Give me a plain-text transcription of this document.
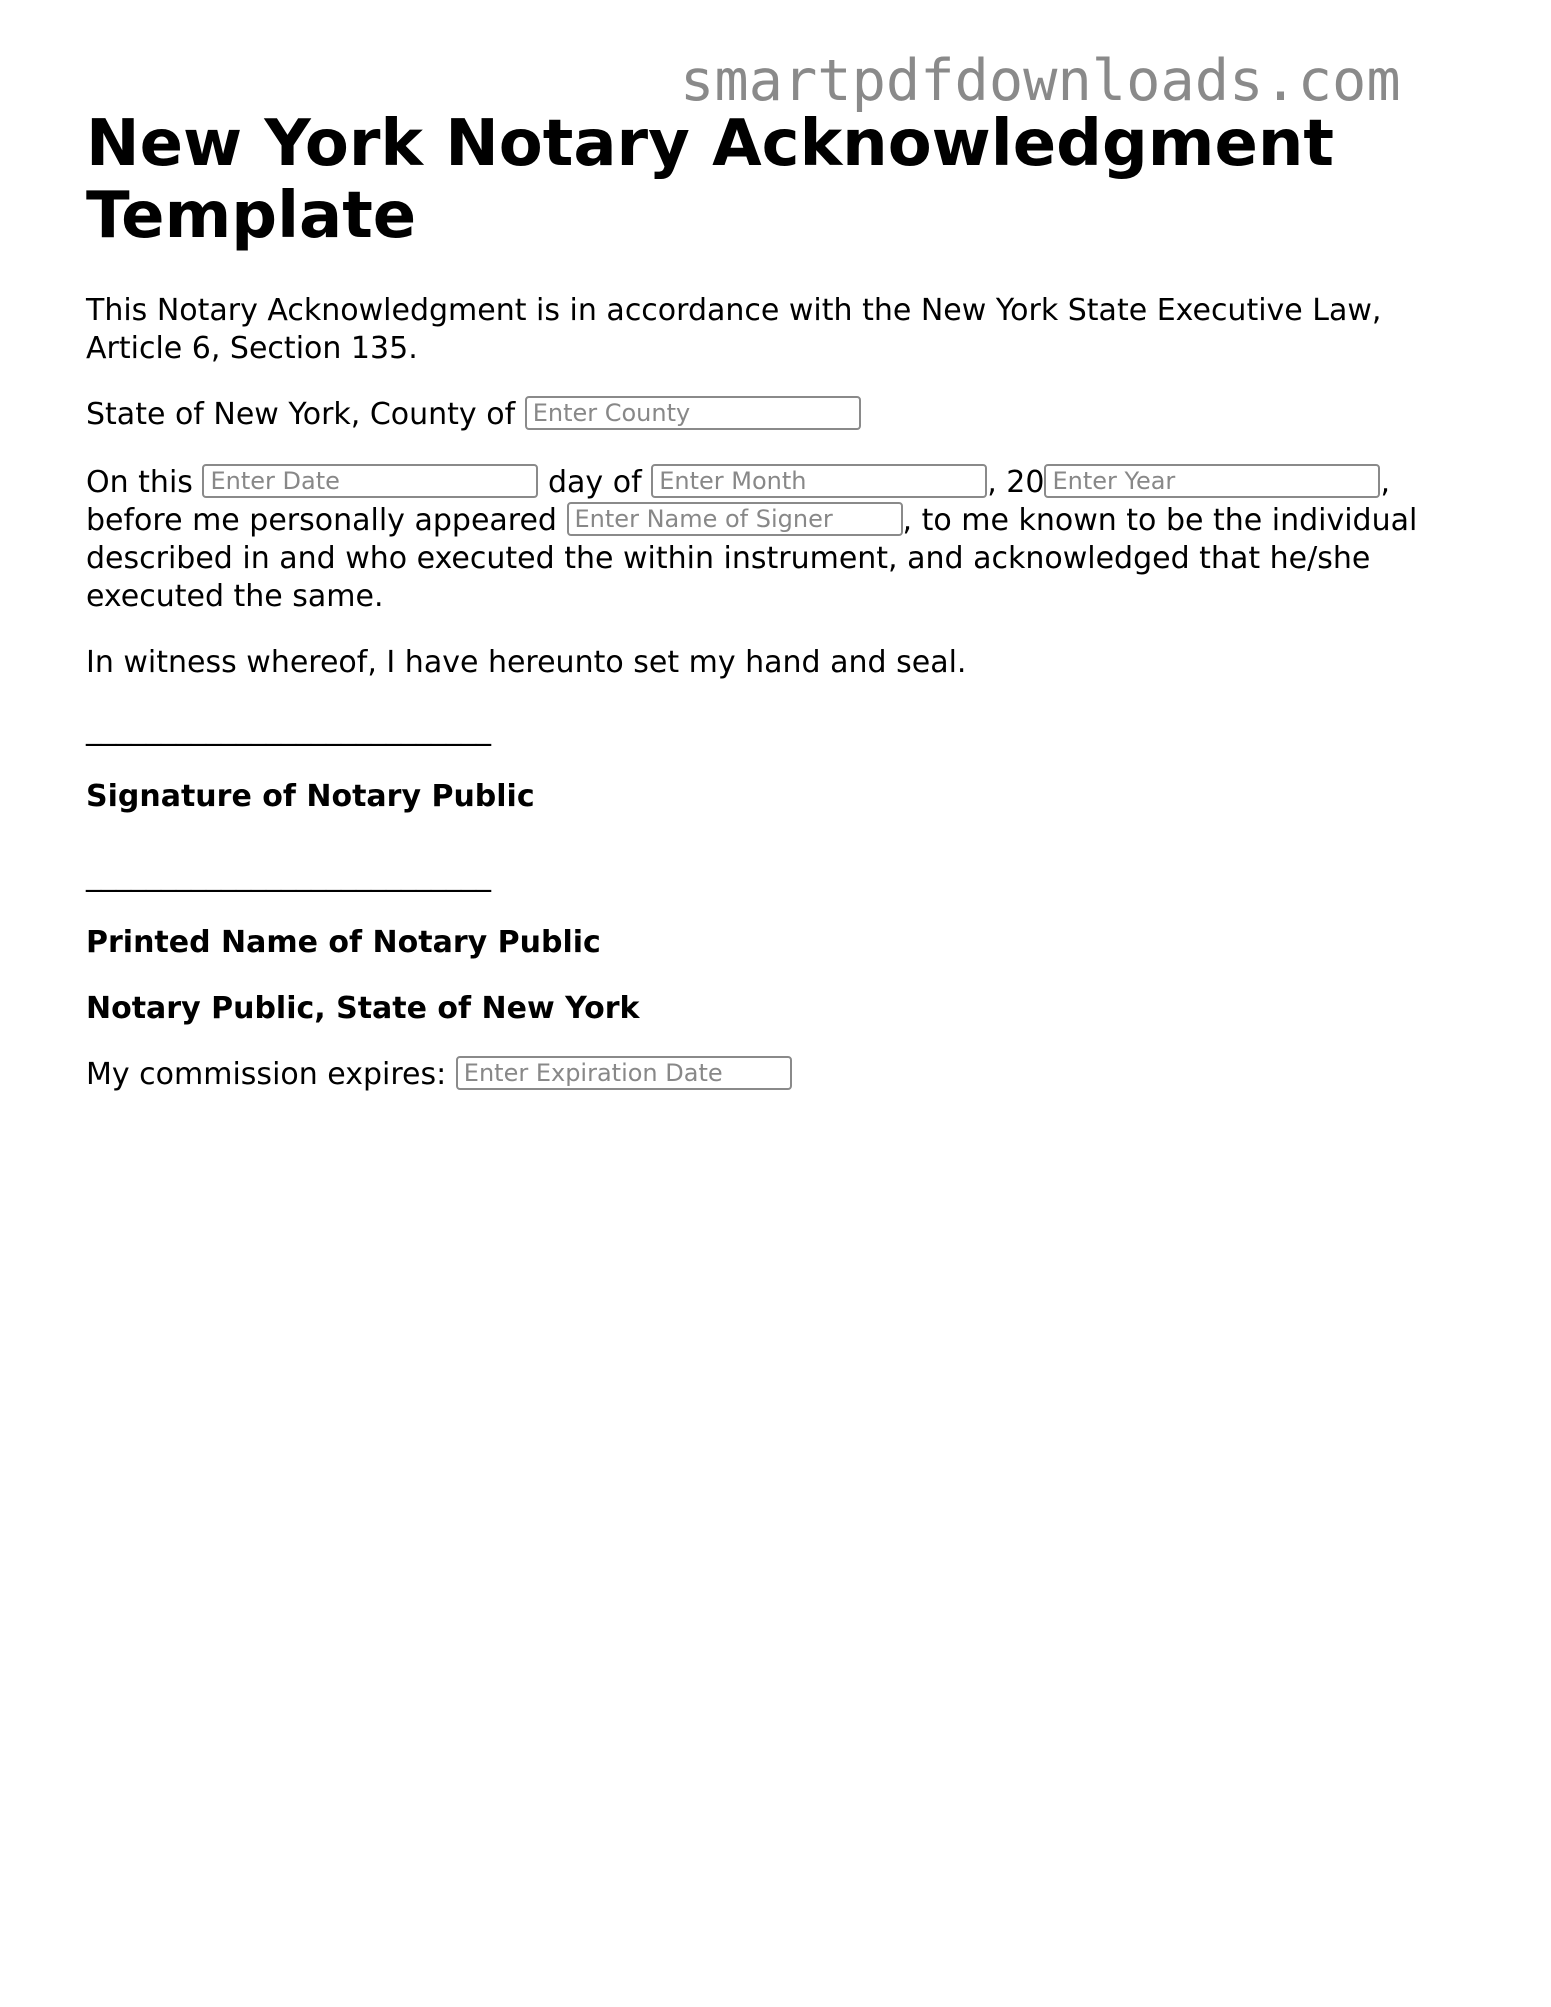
smartpdfdownloads.com
New York Notary Acknowledgment Template

This Notary Acknowledgment is in accordance with the New York State Executive Law, Article 6, Section 135.

State of New York, County of Enter County

On this Enter Date	day of Enter Month	, 20Enter Year	, before me personally appeared Enter Name of Signer	, to me known to be the individual described in and who executed the within instrument, and acknowledged that he/she executed the same.

In witness whereof, I have hereunto set my hand and seal.

___________________________

Signature of Notary Public

___________________________

Printed Name of Notary Public

Notary Public, State of New York

My commission expires: Enter Expiration Date
